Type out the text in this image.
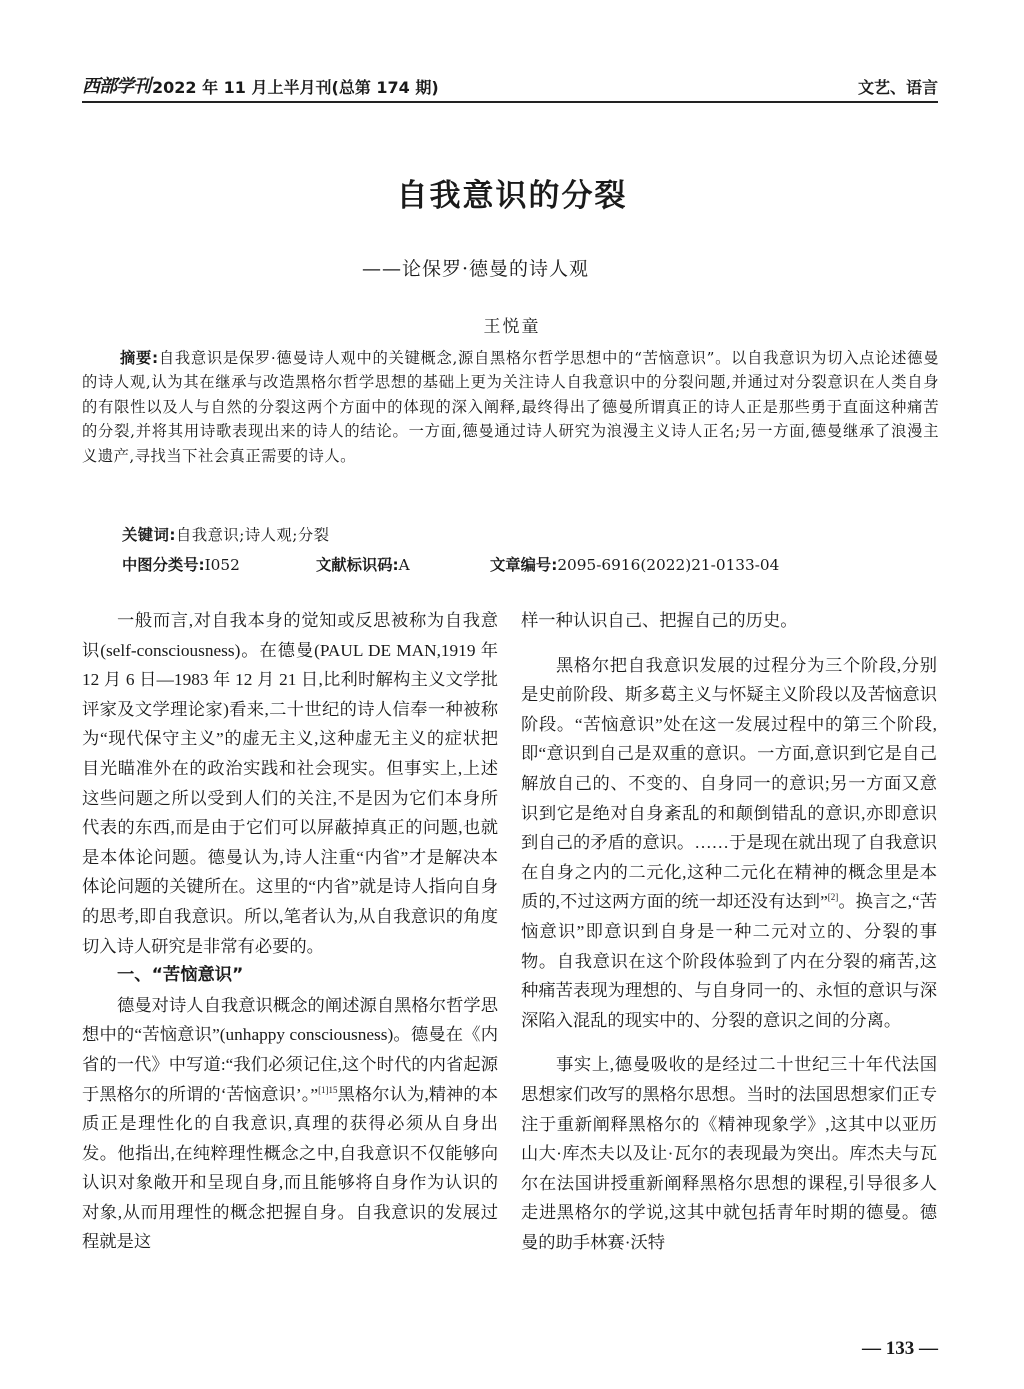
西部学刊 2022 年 11 月上半月刊(总第 174 期)	文艺、语言
自我意识的分裂
——论保罗·德曼的诗人观
王悦童
摘要:自我意识是保罗·德曼诗人观中的关键概念,源自黑格尔哲学思想中的“苦恼意识”。以自我意识为切入点论述德曼的诗人观,认为其在继承与改造黑格尔哲学思想的基础上更为关注诗人自我意识中的分裂问题,并通过对分裂意识在人类自身的有限性以及人与自然的分裂这两个方面中的体现的深入阐释,最终得出了德曼所谓真正的诗人正是那些勇于直面这种痛苦的分裂,并将其用诗歌表现出来的诗人的结论。一方面,德曼通过诗人研究为浪漫主义诗人正名;另一方面,德曼继承了浪漫主义遗产,寻找当下社会真正需要的诗人。
关键词:自我意识;诗人观;分裂
中图分类号:I052	文献标识码:A	文章编号:2095-6916(2022)21-0133-04

一般而言,对自我本身的觉知或反思被称为自我意识(self-consciousness)。在德曼(PAUL DE MAN,1919 年 12 月 6 日—1983 年 12 月 21 日,比利时解构主义文学批评家及文学理论家)看来,二十世纪的诗人信奉一种被称为“现代保守主义”的虚无主义,这种虚无主义的症状把目光瞄准外在的政治实践和社会现实。但事实上,上述这些问题之所以受到人们的关注,不是因为它们本身所代表的东西,而是由于它们可以屏蔽掉真正的问题,也就是本体论问题。德曼认为,诗人注重“内省”才是解决本体论问题的关键所在。这里的“内省”就是诗人指向自身的思考,即自我意识。所以,笔者认为,从自我意识的角度切入诗人研究是非常有必要的。

一、“苦恼意识”

德曼对诗人自我意识概念的阐述源自黑格尔哲学思想中的“苦恼意识”(unhappy consciousness)。德曼在《内省的一代》中写道:“我们必须记住,这个时代的内省起源于黑格尔的所谓的‘苦恼意识’。”$^{[1]15}$黑格尔认为,精神的本质正是理性化的自我意识,真理的获得必须从自身出发。他指出,在纯粹理性概念之中,自我意识不仅能够向认识对象敞开和呈现自身,而且能够将自身作为认识的对象,从而用理性的概念把握自身。自我意识的发展过程就是这

样一种认识自己、把握自己的历史。

黑格尔把自我意识发展的过程分为三个阶段,分别是史前阶段、斯多葛主义与怀疑主义阶段以及苦恼意识阶段。“苦恼意识”处在这一发展过程中的第三个阶段,即“意识到自己是双重的意识。一方面,意识到它是自己解放自己的、不变的、自身同一的意识;另一方面又意识到它是绝对自身紊乱的和颠倒错乱的意识,亦即意识到自己的矛盾的意识。……于是现在就出现了自我意识在自身之内的二元化,这种二元化在精神的概念里是本质的,不过这两方面的统一却还没有达到”[2]。换言之,“苦恼意识”即意识到自身是一种二元对立的、分裂的事物。自我意识在这个阶段体验到了内在分裂的痛苦,这种痛苦表现为理想的、与自身同一的、永恒的意识与深深陷入混乱的现实中的、分裂的意识之间的分离。

事实上,德曼吸收的是经过二十世纪三十年代法国思想家们改写的黑格尔思想。当时的法国思想家们正专注于重新阐释黑格尔的《精神现象学》,这其中以亚历山大·库杰夫以及让·瓦尔的表现最为突出。库杰夫与瓦尔在法国讲授重新阐释黑格尔思想的课程,引导很多人走进黑格尔的学说,这其中就包括青年时期的德曼。德曼的助手林赛·沃特

— 133 —
